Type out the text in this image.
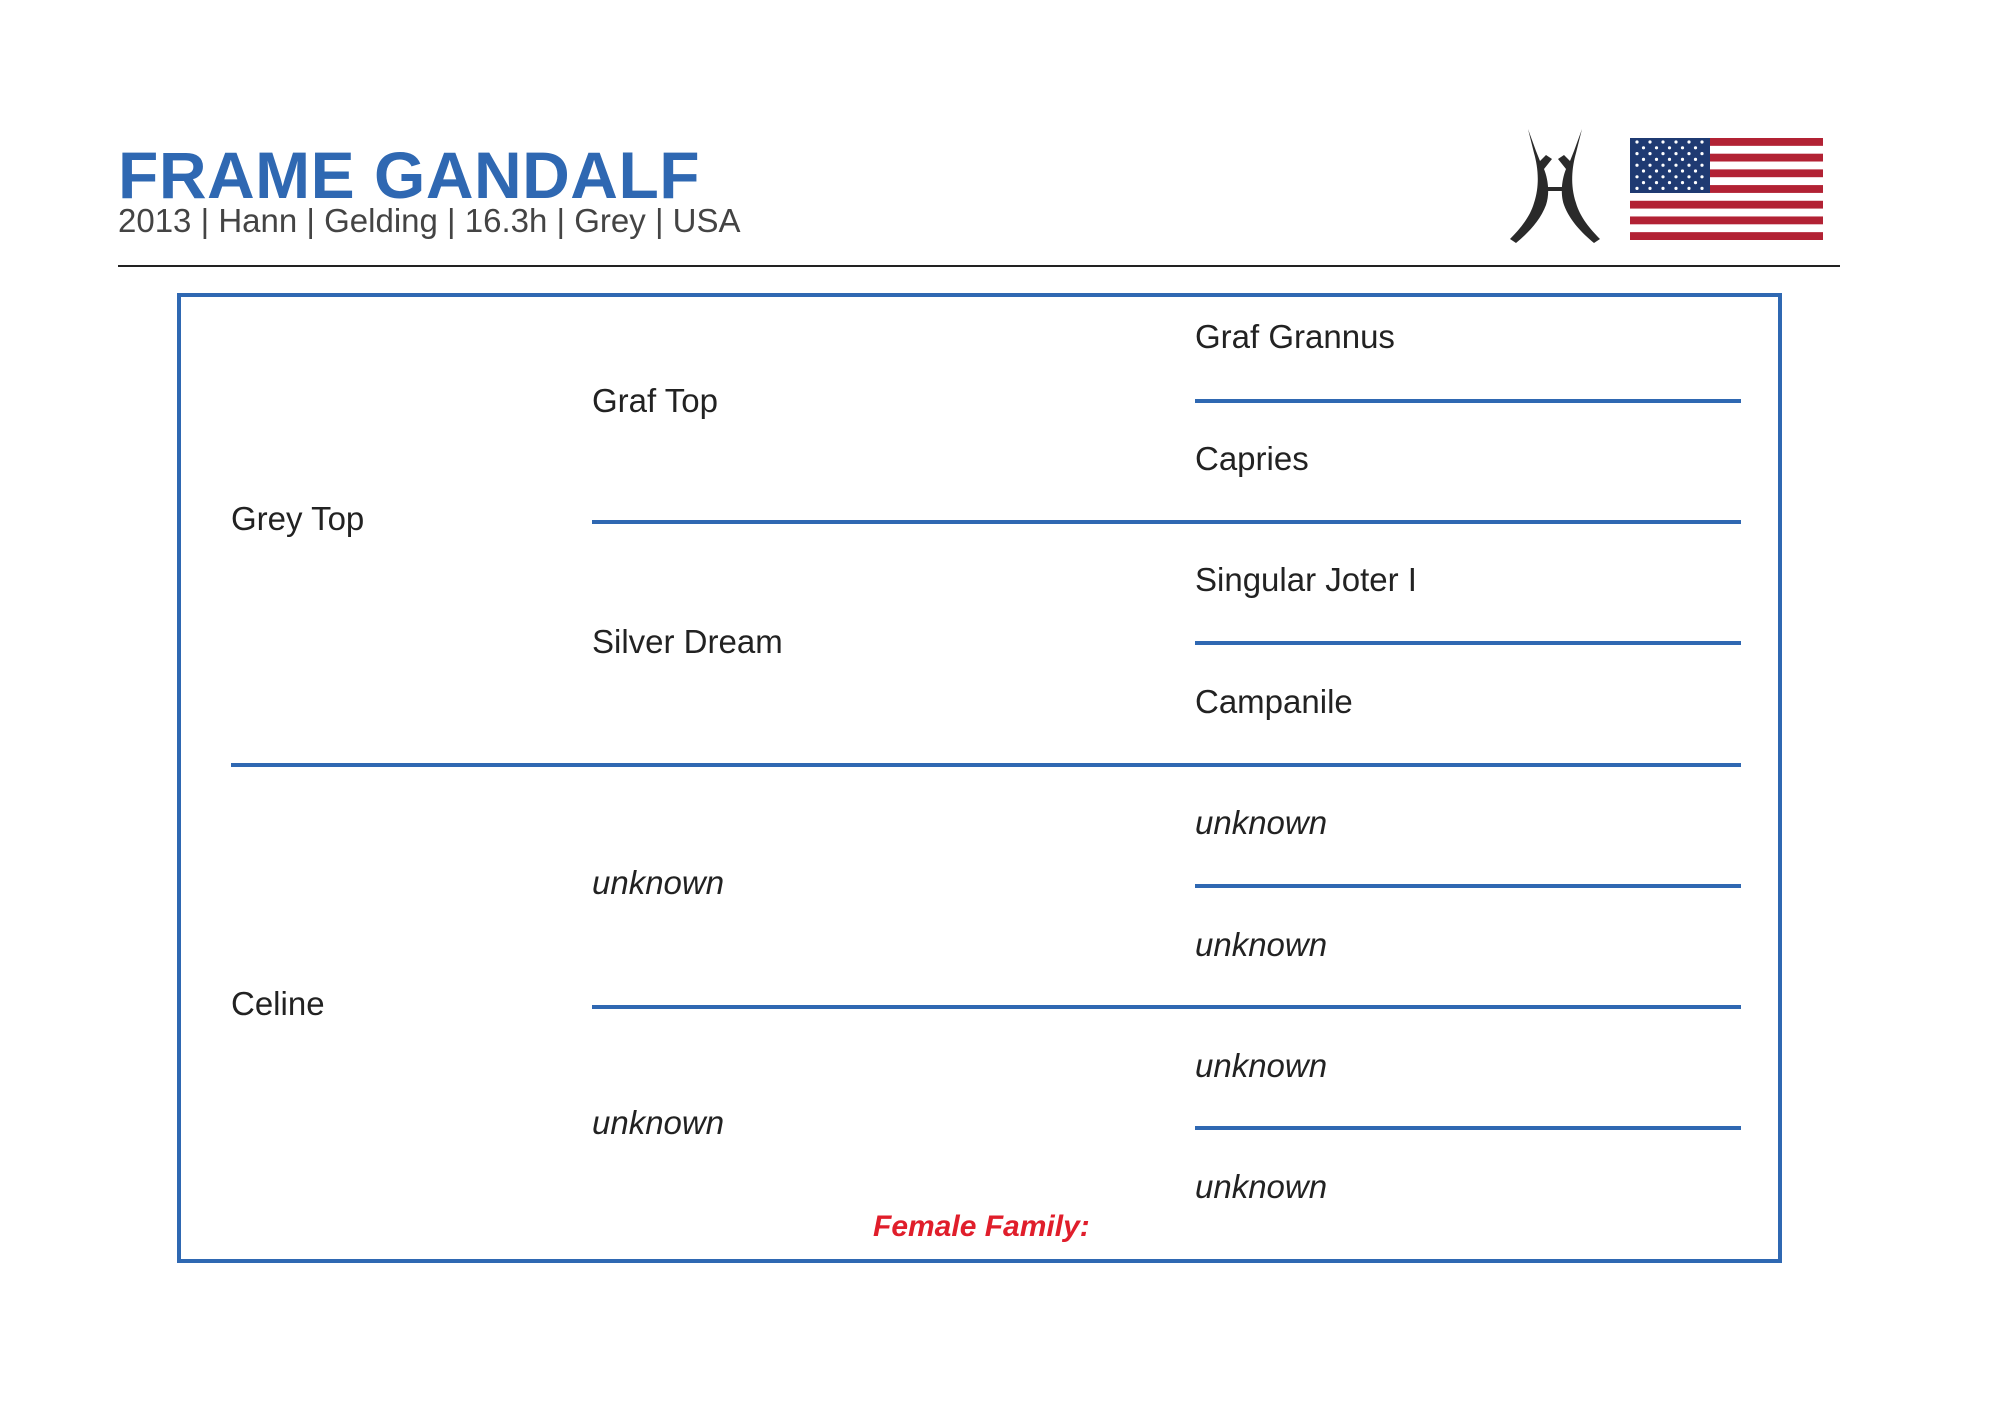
FRAME GANDALF
2013 | Hann | Gelding | 16.3h | Grey | USA
Grey Top
Celine
Graf Top
Silver Dream
unknown
unknown
Graf Grannus
Capries
Singular Joter I
Campanile
unknown
unknown
unknown
unknown
Female Family:
